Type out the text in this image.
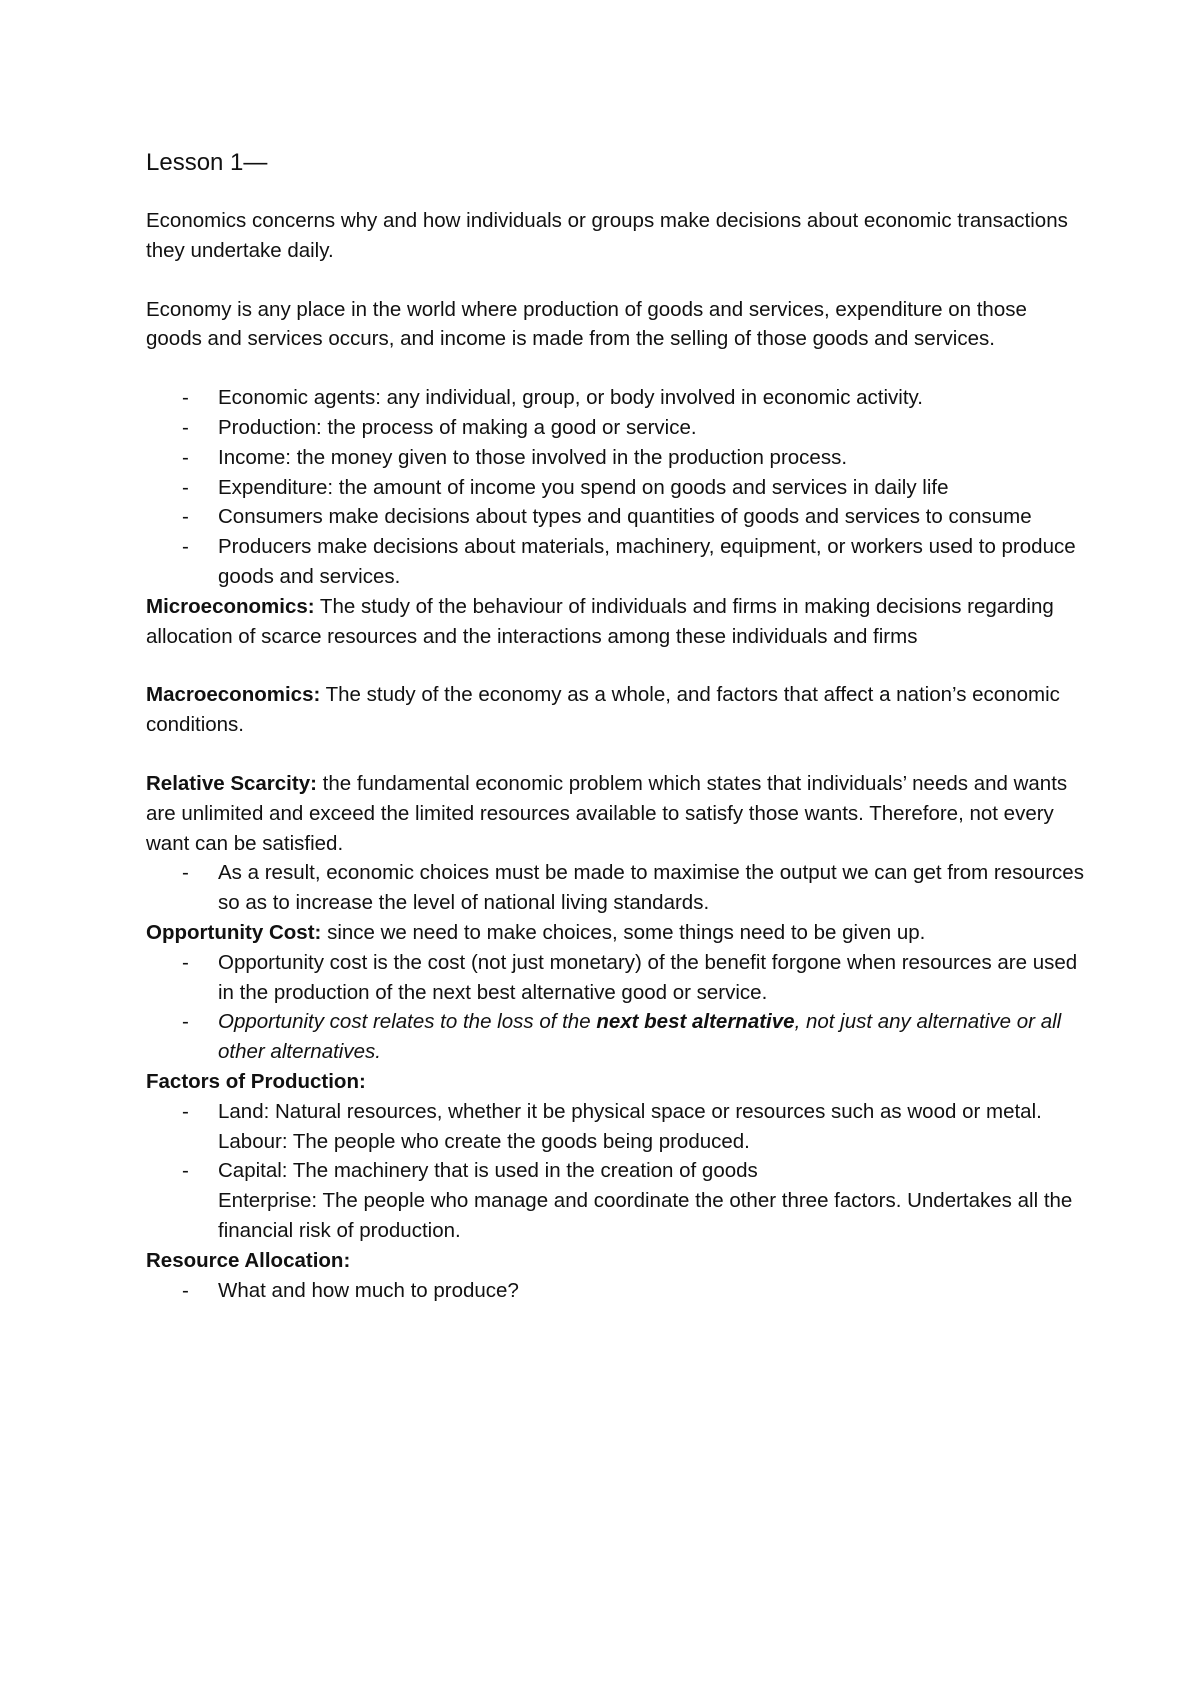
Lesson 1—

Economics concerns why and how individuals or groups make decisions about economic transactions they undertake daily.

Economy is any place in the world where production of goods and services, expenditure on those goods and services occurs, and income is made from the selling of those goods and services.

- Economic agents: any individual, group, or body involved in economic activity.
- Production: the process of making a good or service.
- Income: the money given to those involved in the production process.
- Expenditure: the amount of income you spend on goods and services in daily life
- Consumers make decisions about types and quantities of goods and services to consume
- Producers make decisions about materials, machinery, equipment, or workers used to produce goods and services.

Microeconomics: The study of the behaviour of individuals and firms in making decisions regarding allocation of scarce resources and the interactions among these individuals and firms

Macroeconomics: The study of the economy as a whole, and factors that affect a nation’s economic conditions.

Relative Scarcity: the fundamental economic problem which states that individuals’ needs and wants are unlimited and exceed the limited resources available to satisfy those wants. Therefore, not every want can be satisfied.

- As a result, economic choices must be made to maximise the output we can get from resources so as to increase the level of national living standards.

Opportunity Cost: since we need to make choices, some things need to be given up.

- Opportunity cost is the cost (not just monetary) of the benefit forgone when resources are used in the production of the next best alternative good or service.
- Opportunity cost relates to the loss of the next best alternative, not just any alternative or all other alternatives.

Factors of Production:

- Land: Natural resources, whether it be physical space or resources such as wood or metal.
Labour: The people who create the goods being produced.
- Capital: The machinery that is used in the creation of goods
Enterprise: The people who manage and coordinate the other three factors. Undertakes all the financial risk of production.

Resource Allocation:

- What and how much to produce?
